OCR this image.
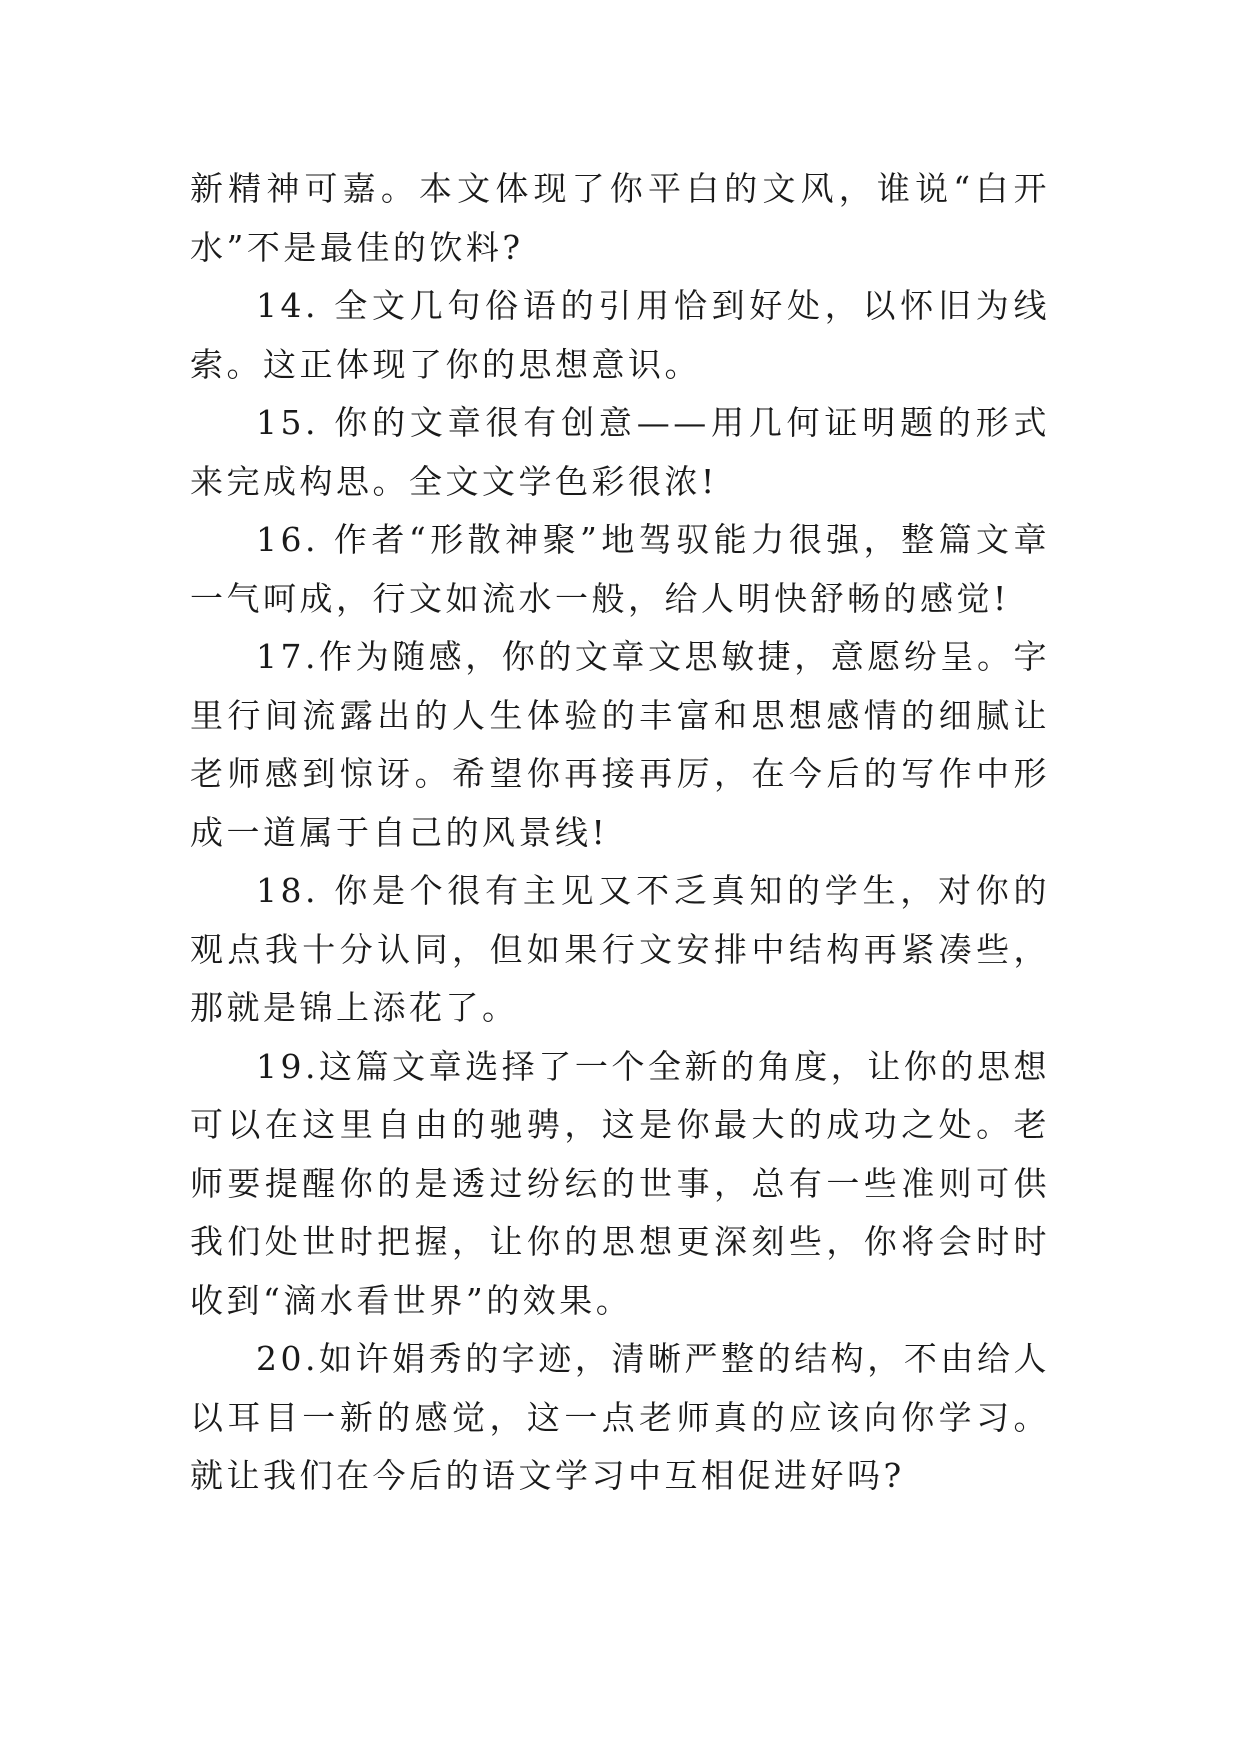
新精神可嘉。本文体现了你平白的文风，谁说“白开水”不是最佳的饮料?

14. 全文几句俗语的引用恰到好处，以怀旧为线索。这正体现了你的思想意识。

15. 你的文章很有创意——用几何证明题的形式来完成构思。全文文学色彩很浓!

16. 作者“形散神聚”地驾驭能力很强，整篇文章一气呵成，行文如流水一般，给人明快舒畅的感觉!

17.作为随感，你的文章文思敏捷，意愿纷呈。字里行间流露出的人生体验的丰富和思想感情的细腻让老师感到惊讶。希望你再接再厉，在今后的写作中形成一道属于自己的风景线!

18. 你是个很有主见又不乏真知的学生，对你的观点我十分认同，但如果行文安排中结构再紧凑些，那就是锦上添花了。

19.这篇文章选择了一个全新的角度，让你的思想可以在这里自由的驰骋，这是你最大的成功之处。老师要提醒你的是透过纷纭的世事，总有一些准则可供我们处世时把握，让你的思想更深刻些，你将会时时收到“滴水看世界”的效果。

20.如许娟秀的字迹，清晰严整的结构，不由给人以耳目一新的感觉，这一点老师真的应该向你学习。就让我们在今后的语文学习中互相促进好吗?
